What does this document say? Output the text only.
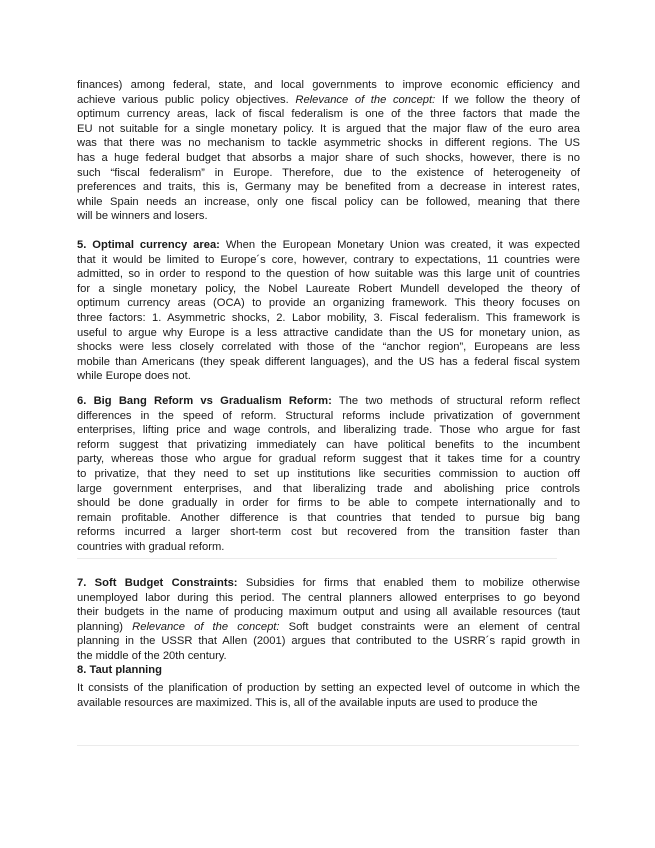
finances) among federal, state, and local governments to improve economic efficiency and
achieve various public policy objectives. Relevance of the concept: If we follow the theory of
optimum currency areas, lack of fiscal federalism is one of the three factors that made the
EU not suitable for a single monetary policy. It is argued that the major flaw of the euro area
was that there was no mechanism to tackle asymmetric shocks in different regions. The US
has a huge federal budget that absorbs a major share of such shocks, however, there is no
such “fiscal federalism” in Europe. Therefore, due to the existence of heterogeneity of
preferences and traits, this is, Germany may be benefited from a decrease in interest rates,
while Spain needs an increase, only one fiscal policy can be followed, meaning that there
will be winners and losers.
5. Optimal currency area: When the European Monetary Union was created, it was expected
that it would be limited to Europe´s core, however, contrary to expectations, 11 countries were
admitted, so in order to respond to the question of how suitable was this large unit of countries
for a single monetary policy, the Nobel Laureate Robert Mundell developed the theory of
optimum currency areas (OCA) to provide an organizing framework. This theory focuses on
three factors: 1. Asymmetric shocks, 2. Labor mobility, 3. Fiscal federalism. This framework is
useful to argue why Europe is a less attractive candidate than the US for monetary union, as
shocks were less closely correlated with those of the “anchor region”, Europeans are less
mobile than Americans (they speak different languages), and the US has a federal fiscal system
while Europe does not.
6. Big Bang Reform vs Gradualism Reform: The two methods of structural reform reflect
differences in the speed of reform. Structural reforms include privatization of government
enterprises, lifting price and wage controls, and liberalizing trade. Those who argue for fast
reform suggest that privatizing immediately can have political benefits to the incumbent
party, whereas those who argue for gradual reform suggest that it takes time for a country
to privatize, that they need to set up institutions like securities commission to auction off
large government enterprises, and that liberalizing trade and abolishing price controls
should be done gradually in order for firms to be able to compete internationally and to
remain profitable. Another difference is that countries that tended to pursue big bang
reforms incurred a larger short-term cost but recovered from the transition faster than
countries with gradual reform.
7. Soft Budget Constraints: Subsidies for firms that enabled them to mobilize otherwise
unemployed labor during this period. The central planners allowed enterprises to go beyond
their budgets in the name of producing maximum output and using all available resources (taut
planning) Relevance of the concept: Soft budget constraints were an element of central
planning in the USSR that Allen (2001) argues that contributed to the USRR´s rapid growth in
the middle of the 20th century.
8. Taut planning
It consists of the planification of production by setting an expected level of outcome in which the
available resources are maximized. This is, all of the available inputs are used to produce the
